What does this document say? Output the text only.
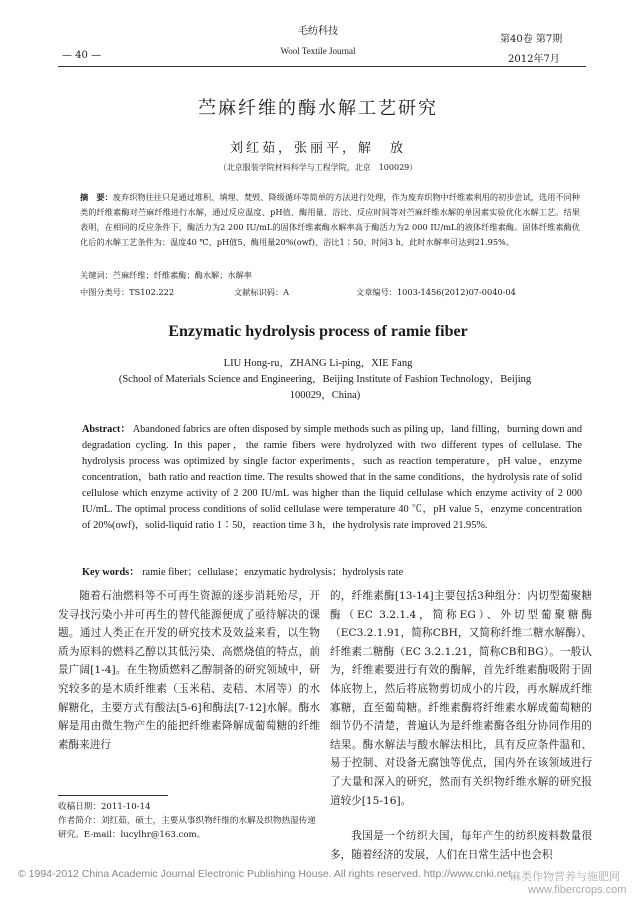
毛纺科技
Wool Textile Journal
— 40 —
第40卷 第7期
2012年7月
苎麻纤维的酶水解工艺研究
刘红茹，张丽平，解　放
（北京服装学院材料科学与工程学院，北京　100029）
摘　要：废弃织物往往只是通过堆积、填埋、焚毁、降级循环等简单的方法进行处理，作为废弃织物中纤维素利用的初步尝试，选用不同种类的纤维素酶对苎麻纤维进行水解，通过反应温度、pH值、酶用量、浴比、反应时间等对苎麻纤维水解的单因素实验优化水解工艺。结果表明，在相同的反应条件下，酶活力为2 200 IU/mL的固体纤维素酶水解率高于酶活力为2 000 IU/mL的液体纤维素酶。固体纤维素酶优化后的水解工艺条件为：温度40 ℃、pH值5、酶用量20%(owf)、浴比1∶50、时间3 h，此时水解率可达到21.95%。
关键词：苎麻纤维；纤维素酶；酶水解；水解率
中图分类号：TS102.222	文献标识码：A	文章编号：1003-1456(2012)07-0040-04
Enzymatic hydrolysis process of ramie fiber
LIU Hong-ru，ZHANG Li-ping，XIE Fang
(School of Materials Science and Engineering，Beijing Institute of Fashion Technology，Beijing 100029，China)
Abstract： Abandoned fabrics are often disposed by simple methods such as piling up，land filling，burning down and degradation cycling. In this paper，the ramie fibers were hydrolyzed with two different types of cellulase. The hydrolysis process was optimized by single factor experiments，such as reaction temperature，pH value，enzyme concentration，bath ratio and reaction time. The results showed that in the same conditions，the hydrolysis rate of solid cellulose which enzyme activity of 2 200 IU/mL was higher than the liquid cellulase which enzyme activity of 2 000 IU/mL. The optimal process conditions of solid cellulase were temperature 40 ℃，pH value 5，enzyme concentration of 20%(owf)，solid-liquid ratio 1∶50，reaction time 3 h，the hydrolysis rate improved 21.95%.
Key words： ramie fiber；cellulase；enzymatic hydrolysis；hydrolysis rate
随着石油燃料等不可再生资源的逐步消耗殆尽，开发寻找污染小并可再生的替代能源便成了亟待解决的课题。通过人类正在开发的研究技术及效益来看，以生物质为原料的燃料乙醇以其低污染、高燃烧值的特点，前景广阔[1-4]。在生物质燃料乙醇制备的研究领域中，研究较多的是木质纤维素（玉米秸、麦秸、木屑等）的水解糖化，主要方式有酸法[5-6]和酶法[7-12]水解。酶水解是用由微生物产生的能把纤维素降解成葡萄糖的纤维素酶来进行
的，纤维素酶[13-14]主要包括3种组分：内切型葡聚糖酶（EC 3.2.1.4，简称EG）、外切型葡聚糖酶（EC3.2.1.91，简称CBH，又简称纤维二糖水解酶）、纤维素二糖酶（EC 3.2.1.21，简称CB和BG）。一般认为，纤维素要进行有效的酶解，首先纤维素酶吸附于固体底物上，然后将底物剪切成小的片段，再水解成纤维寡糖，直至葡萄糖。纤维素酶将纤维素水解成葡萄糖的细节仍不清楚，普遍认为是纤维素酶各组分协同作用的结果。酶水解法与酸水解法相比，具有反应条件温和、易于控制、对设备无腐蚀等优点，国内外在该领域进行了大量和深入的研究，然而有关织物纤维水解的研究报道较少[15-16]。
我国是一个纺织大国，每年产生的纺织废料数量很多，随着经济的发展，人们在日常生活中也会积
收稿日期：2011-10-14
作者简介：刘红茹，硕士，主要从事织物纤维的水解及织物热湿传递研究。E-mail：lucylhr@163.com。
© 1994-2012 China Academic Journal Electronic Publishing House. All rights reserved. http://www.cnki.net
麻类作物营养与施肥网
www.fibercrops.com
